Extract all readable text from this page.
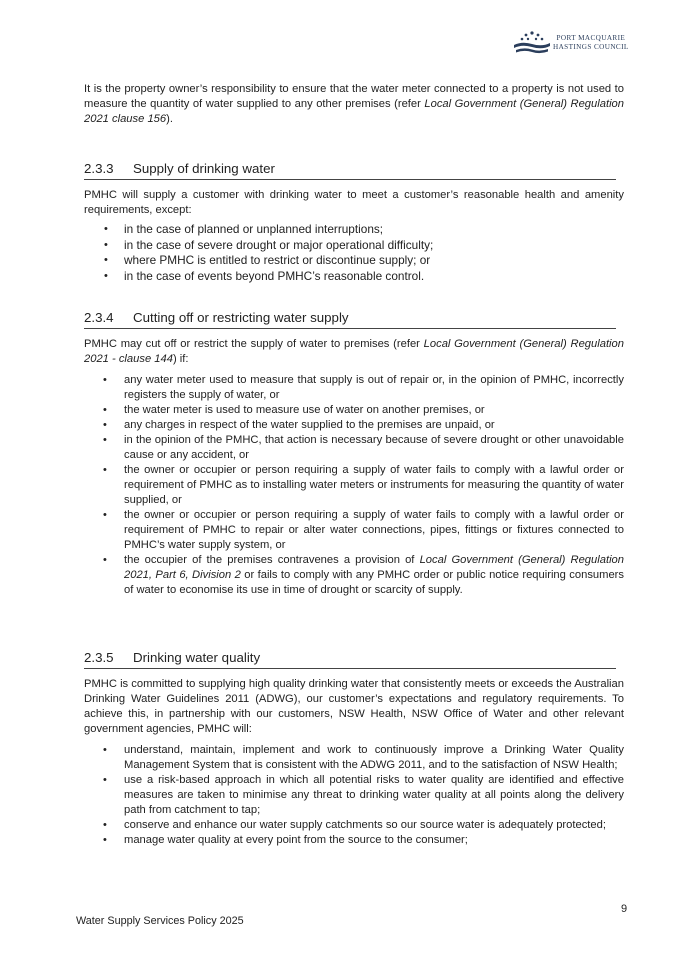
PORT MACQUARIE
HASTINGS COUNCIL

It is the property owner’s responsibility to ensure that the water meter connected to a property is not used to measure the quantity of water supplied to any other premises (refer Local Government (General) Regulation 2021 clause 156).

2.3.3	Supply of drinking water

PMHC will supply a customer with drinking water to meet a customer’s reasonable health and amenity requirements, except:

• in the case of planned or unplanned interruptions;
• in the case of severe drought or major operational difficulty;
• where PMHC is entitled to restrict or discontinue supply; or
• in the case of events beyond PMHC’s reasonable control.
2.3.4	Cutting off or restricting water supply

PMHC may cut off or restrict the supply of water to premises (refer Local Government (General) Regulation 2021 - clause 144) if:

• any water meter used to measure that supply is out of repair or, in the opinion of PMHC, incorrectly registers the supply of water, or
• the water meter is used to measure use of water on another premises, or
• any charges in respect of the water supplied to the premises are unpaid, or
• in the opinion of the PMHC, that action is necessary because of severe drought or other unavoidable cause or any accident, or
• the owner or occupier or person requiring a supply of water fails to comply with a lawful order or requirement of PMHC as to installing water meters or instruments for measuring the quantity of water supplied, or
• the owner or occupier or person requiring a supply of water fails to comply with a lawful order or requirement of PMHC to repair or alter water connections, pipes, fittings or fixtures connected to PMHC’s water supply system, or
• the occupier of the premises contravenes a provision of Local Government (General) Regulation 2021, Part 6, Division 2 or fails to comply with any PMHC order or public notice requiring consumers of water to economise its use in time of drought or scarcity of supply.
2.3.5	Drinking water quality

PMHC is committed to supplying high quality drinking water that consistently meets or exceeds the Australian Drinking Water Guidelines 2011 (ADWG), our customer’s expectations and regulatory requirements. To achieve this, in partnership with our customers, NSW Health, NSW Office of Water and other relevant government agencies, PMHC will:

• understand, maintain, implement and work to continuously improve a Drinking Water Quality Management System that is consistent with the ADWG 2011, and to the satisfaction of NSW Health;
• use a risk-based approach in which all potential risks to water quality are identified and effective measures are taken to minimise any threat to drinking water quality at all points along the delivery path from catchment to tap;
• conserve and enhance our water supply catchments so our source water is adequately protected;
• manage water quality at every point from the source to the consumer;
9
Water Supply Services Policy 2025
